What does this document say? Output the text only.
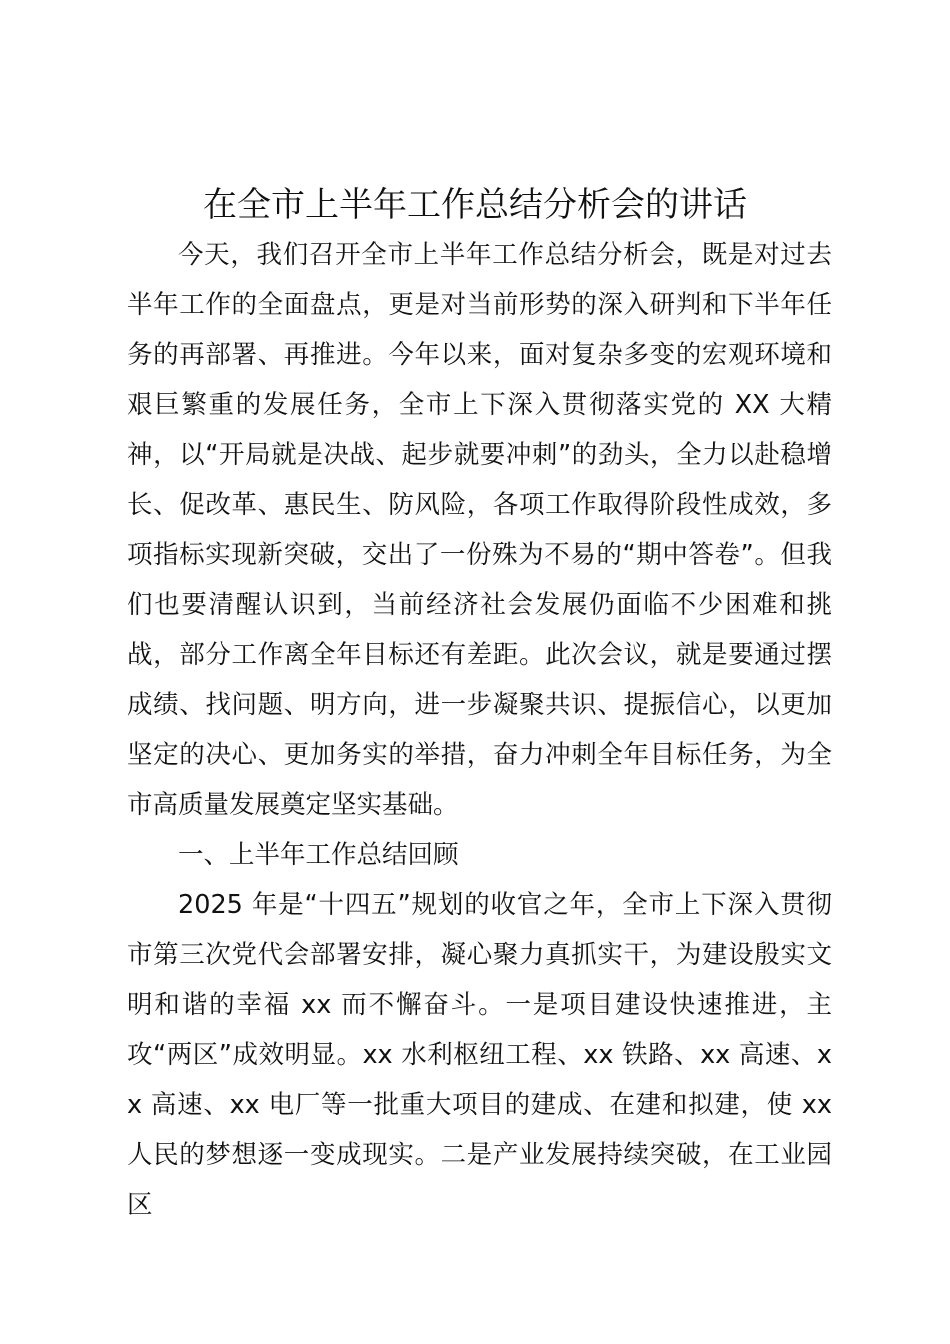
在全市上半年工作总结分析会的讲话

今天，我们召开全市上半年工作总结分析会，既是对过去半年工作的全面盘点，更是对当前形势的深入研判和下半年任务的再部署、再推进。今年以来，面对复杂多变的宏观环境和艰巨繁重的发展任务，全市上下深入贯彻落实党的 XX 大精神，以“开局就是决战、起步就要冲刺”的劲头，全力以赴稳增长、促改革、惠民生、防风险，各项工作取得阶段性成效，多项指标实现新突破，交出了一份殊为不易的“期中答卷”。但我们也要清醒认识到，当前经济社会发展仍面临不少困难和挑战，部分工作离全年目标还有差距。此次会议，就是要通过摆成绩、找问题、明方向，进一步凝聚共识、提振信心，以更加坚定的决心、更加务实的举措，奋力冲刺全年目标任务，为全市高质量发展奠定坚实基础。

一、上半年工作总结回顾

2025 年是“十四五”规划的收官之年，全市上下深入贯彻市第三次党代会部署安排，凝心聚力真抓实干，为建设殷实文明和谐的幸福 xx 而不懈奋斗。一是项目建设快速推进，主攻“两区”成效明显。xx 水利枢纽工程、xx 铁路、xx 高速、xx 高速、xx 电厂等一批重大项目的建成、在建和拟建，使 xx 人民的梦想逐一变成现实。二是产业发展持续突破，在工业园区
